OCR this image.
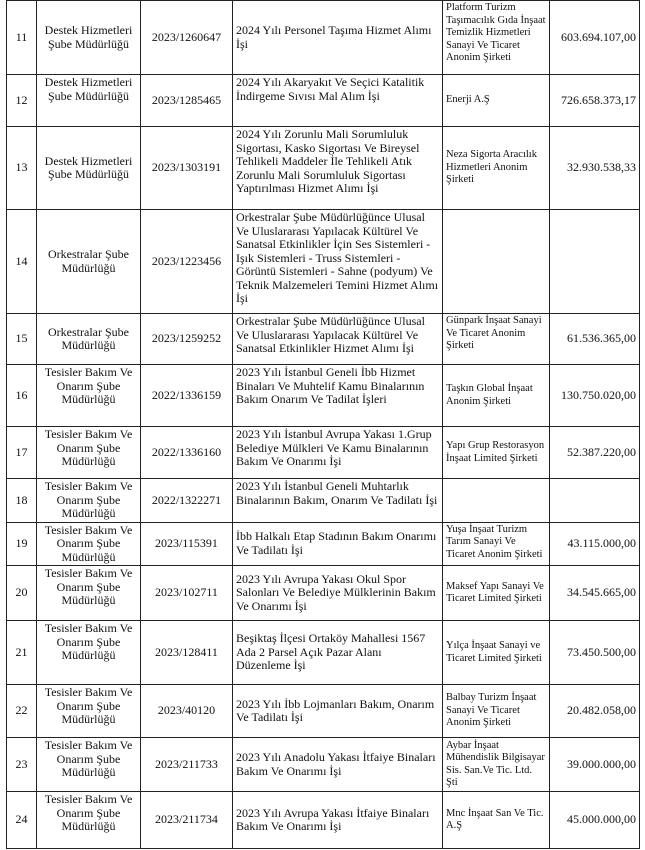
11	Destek Hizmetleri Şube Müdürlüğü	2023/1260647	2024 Yılı Personel Taşıma Hizmet Alımı İşi	Platform Turizm Taşımacılık Gıda İnşaat Temizlik Hizmetleri Sanayi Ve Ticaret Anonim Şirketi	603.694.107,00
12	Destek Hizmetleri Şube Müdürlüğü	2023/1285465	2024 Yılı Akaryakıt Ve Seçici Katalitik İndirgeme Sıvısı Mal Alım İşi	Enerji A.Ş	726.658.373,17
13	Destek Hizmetleri Şube Müdürlüğü	2023/1303191	2024 Yılı Zorunlu Mali Sorumluluk Sigortası, Kasko Sigortası Ve Bireysel Tehlikeli Maddeler İle Tehlikeli Atık Zorunlu Mali Sorumluluk Sigortası Yaptırılması Hizmet Alımı İşi	Neza Sigorta Aracılık Hizmetleri Anonim Şirketi	32.930.538,33
14	Orkestralar Şube Müdürlüğü	2023/1223456	Orkestralar Şube Müdürlüğünce Ulusal Ve Uluslararası Yapılacak Kültürel Ve Sanatsal Etkinlikler İçin Ses Sistemleri - Işık Sistemleri - Truss Sistemleri - Görüntü Sistemleri - Sahne (podyum) Ve Teknik Malzemeleri Temini Hizmet Alımı İşi		
15	Orkestralar Şube Müdürlüğü	2023/1259252	Orkestralar Şube Müdürlüğünce Ulusal Ve Uluslararası Yapılacak Kültürel Ve Sanatsal Etkinlikler Hizmet Alımı İşi	Günpark İnşaat Sanayi Ve Ticaret Anonim Şirketi	61.536.365,00
16	Tesisler Bakım Ve Onarım Şube Müdürlüğü	2022/1336159	2023 Yılı İstanbul Geneli İbb Hizmet Binaları Ve Muhtelif Kamu Binalarının Bakım Onarım Ve Tadilat İşleri	Taşkın Global İnşaat Anonim Şirketi	130.750.020,00
17	Tesisler Bakım Ve Onarım Şube Müdürlüğü	2022/1336160	2023 Yılı İstanbul Avrupa Yakası 1.Grup Belediye Mülkleri Ve Kamu Binalarının Bakım Ve Onarımı İşi	Yapı Grup Restorasyon İnşaat Limited Şirketi	52.387.220,00
18	Tesisler Bakım Ve Onarım Şube Müdürlüğü	2022/1322271	2023 Yılı İstanbul Geneli Muhtarlık Binalarının Bakım, Onarım Ve Tadilatı İşi		
19	Tesisler Bakım Ve Onarım Şube Müdürlüğü	2023/115391	İbb Halkalı Etap Stadının Bakım Onarımı Ve Tadilatı İşi	Yuşa İnşaat Turizm Tarım Sanayi Ve Ticaret Anonim Şirketi	43.115.000,00
20	Tesisler Bakım Ve Onarım Şube Müdürlüğü	2023/102711	2023 Yılı Avrupa Yakası Okul Spor Salonları Ve Belediye Mülklerinin Bakım Ve Onarımı İşi	Maksef Yapı Sanayi Ve Ticaret Limited Şirketi	34.545.665,00
21	Tesisler Bakım Ve Onarım Şube Müdürlüğü	2023/128411	Beşiktaş İlçesi Ortaköy Mahallesi 1567 Ada 2 Parsel Açık Pazar Alanı Düzenleme İşi	Yılça İnşaat Sanayi ve Ticaret Limited Şirketi	73.450.500,00
22	Tesisler Bakım Ve Onarım Şube Müdürlüğü	2023/40120	2023 Yılı İbb Lojmanları Bakım, Onarım Ve Tadilatı İşi	Balbay Turizm İnşaat Sanayi Ve Ticaret Anonim Şirketi	20.482.058,00
23	Tesisler Bakım Ve Onarım Şube Müdürlüğü	2023/211733	2023 Yılı Anadolu Yakası İtfaiye Binaları Bakım Ve Onarımı İşi	Aybar İnşaat Mühendislik Bilgisayar Sis. San.Ve Tic. Ltd. Şti	39.000.000,00
24	Tesisler Bakım Ve Onarım Şube Müdürlüğü	2023/211734	2023 Yılı Avrupa Yakası İtfaiye Binaları Bakım Ve Onarımı İşi	Mnc İnşaat San Ve Tic. A.Ş	45.000.000,00
